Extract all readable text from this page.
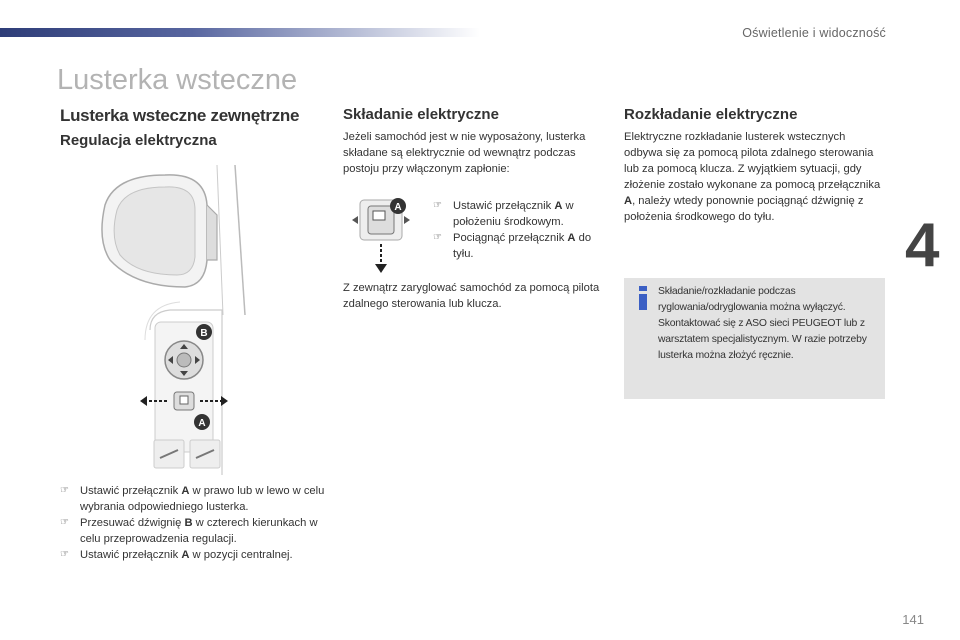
Oświetlenie i widoczność
Lusterka wsteczne
4
141
Lusterka wsteczne zewnętrzne
Regulacja elektryczna
B
A
☞ Ustawić przełącznik A w prawo lub w lewo w celu wybrania odpowiedniego lusterka.
☞ Przesuwać dźwignię B w czterech kierunkach w celu przeprowadzenia regulacji.
☞ Ustawić przełącznik A w pozycji centralnej.
Składanie elektryczne

Jeżeli samochód jest w nie wyposażony, lusterka składane są elektrycznie od wewnątrz podczas postoju przy włączonym zapłonie:

A	☞ Ustawić przełącznik A w położeniu środkowym.
☞ Pociągnąć przełącznik A do tyłu.

Z zewnątrz zaryglować samochód za pomocą pilota zdalnego sterowania lub klucza.

Rozkładanie elektryczne

Elektryczne rozkładanie lusterek wstecznych odbywa się za pomocą pilota zdalnego sterowania lub za pomocą klucza. Z wyjątkiem sytuacji, gdy złożenie zostało wykonane za pomocą przełącznika A, należy wtedy ponownie pociągnąć dźwignię z położenia środkowego do tyłu.

Składanie/rozkładanie podczas ryglowania/odryglowania można wyłączyć. Skontaktować się z ASO sieci PEUGEOT lub z warsztatem specjalistycznym. W razie potrzeby lusterka można złożyć ręcznie.
